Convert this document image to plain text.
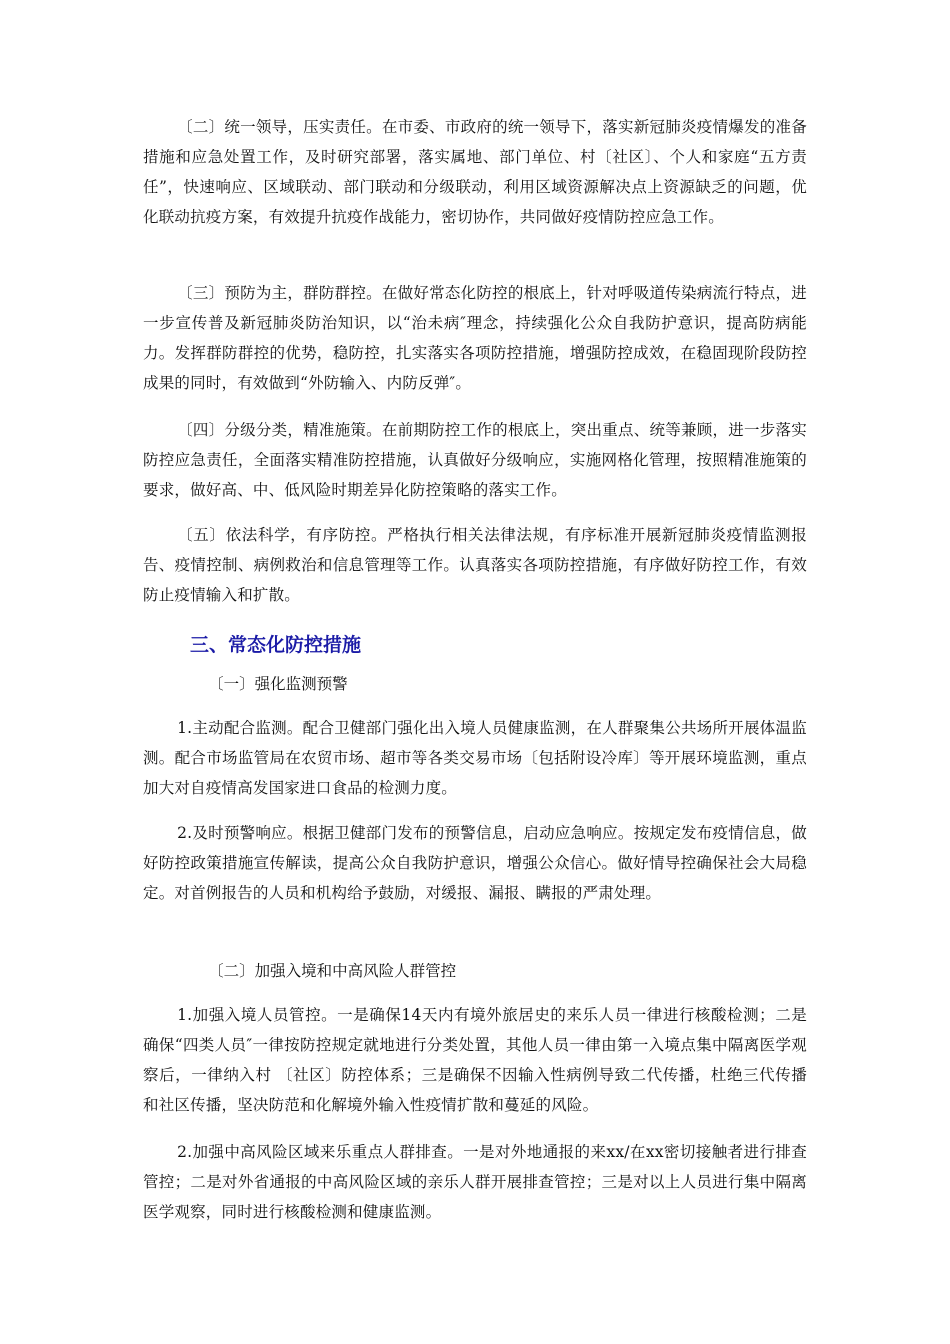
〔二〕统一领导，压实责任。在市委、市政府的统一领导下，落实新冠肺炎疫情爆发的准备措施和应急处置工作，及时研究部署，落实属地、部门单位、村〔社区〕、个人和家庭“五方责任”，快速响应、区域联动、部门联动和分级联动，利用区域资源解决点上资源缺乏的问题，优化联动抗疫方案，有效提升抗疫作战能力，密切协作，共同做好疫情防控应急工作。

〔三〕预防为主，群防群控。在做好常态化防控的根底上，针对呼吸道传染病流行特点，进一步宣传普及新冠肺炎防治知识，以“治未病″理念，持续强化公众自我防护意识，提高防病能力。发挥群防群控的优势，稳防控，扎实落实各项防控措施，增强防控成效，在稳固现阶段防控成果的同时，有效做到“外防输入、内防反弹″。

〔四〕分级分类，精准施策。在前期防控工作的根底上，突出重点、统等兼顾，进一步落实防控应急责任，全面落实精准防控措施，认真做好分级响应，实施网格化管理，按照精准施策的要求，做好高、中、低风险时期差异化防控策略的落实工作。

〔五〕依法科学，有序防控。严格执行相关法律法规，有序标准开展新冠肺炎疫情监测报告、疫情控制、病例救治和信息管理等工作。认真落实各项防控措施，有序做好防控工作，有效防止疫情输入和扩散。

三、常态化防控措施

〔一〕强化监测预警

1.主动配合监测。配合卫健部门强化出入境人员健康监测，在人群聚集公共场所开展体温监测。配合市场监管局在农贸市场、超市等各类交易市场〔包括附设冷库〕等开展环境监测，重点加大对自疫情高发国家进口食品的检测力度。

2.及时预警响应。根据卫健部门发布的预警信息，启动应急响应。按规定发布疫情信息，做好防控政策措施宣传解读，提高公众自我防护意识，增强公众信心。做好情导控确保社会大局稳定。对首例报告的人员和机构给予鼓励，对缓报、漏报、瞒报的严肃处理。

〔二〕加强入境和中高风险人群管控

1.加强入境人员管控。一是确保14天内有境外旅居史的来乐人员一律进行核酸检测；二是确保“四类人员″一律按防控规定就地进行分类处置，其他人员一律由第一入境点集中隔离医学观察后，一律纳入村 〔社区〕防控体系；三是确保不因输入性病例导致二代传播，杜绝三代传播和社区传播，坚决防范和化解境外输入性疫情扩散和蔓延的风险。

2.加强中高风险区域来乐重点人群排查。一是对外地通报的来xx/在xx密切接触者进行排查管控；二是对外省通报的中高风险区域的亲乐人群开展排查管控；三是对以上人员进行集中隔离医学观察，同时进行核酸检测和健康监测。
